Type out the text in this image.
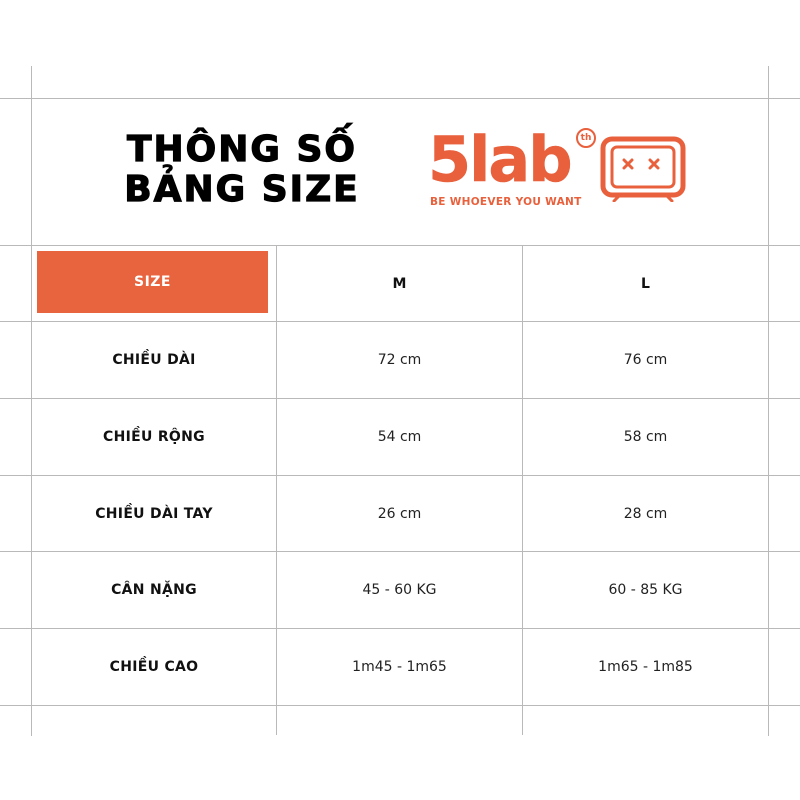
THÔNG SỐ
BẢNG SIZE	5lab	th
BE WHOEVER YOU WANT
SIZE	M	L
CHIỀU DÀI	72 cm	76 cm
CHIỀU RỘNG	54 cm	58 cm
CHIỀU DÀI TAY	26 cm	28 cm
CÂN NẶNG	45 - 60 KG	60 - 85 KG
CHIỀU CAO	1m45 - 1m65	1m65 - 1m85
